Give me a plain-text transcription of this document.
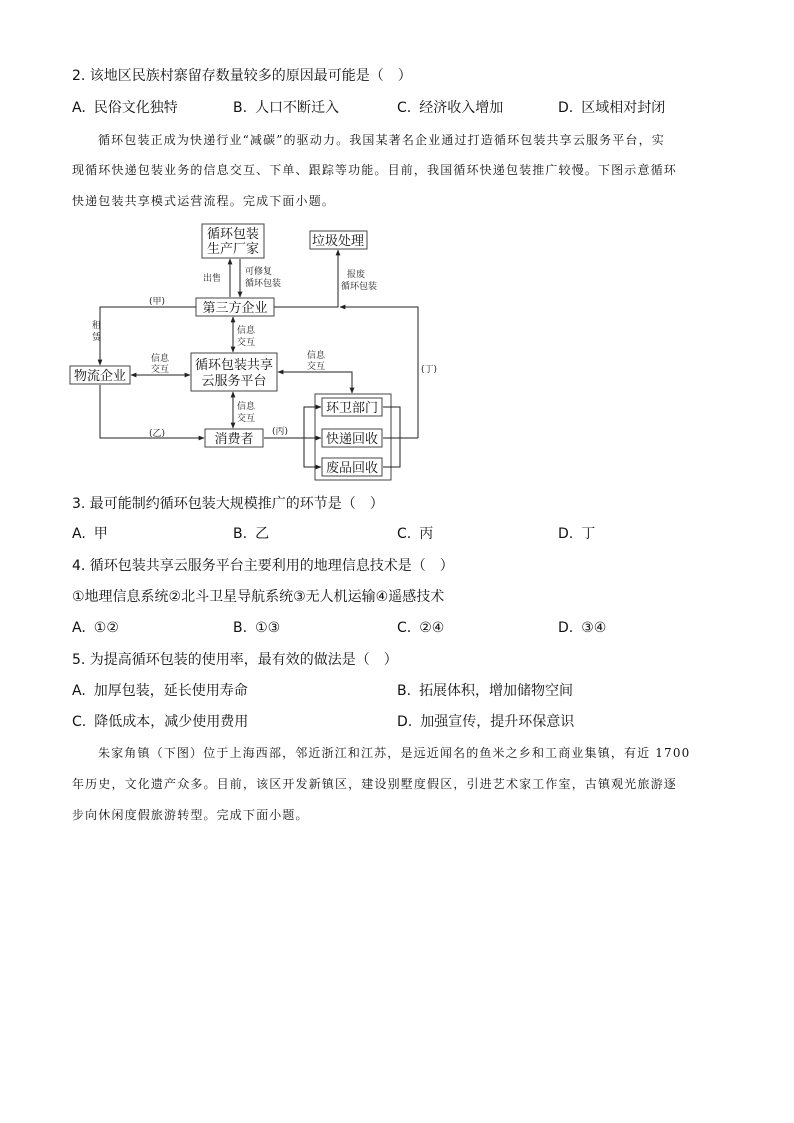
2. 该地区民族村寨留存数量较多的原因最可能是（　）
A. 民俗文化独特	B. 人口不断迁入	C. 经济收入增加	D. 区域相对封闭
循环包装正成为快递行业“减碳”的驱动力。我国某著名企业通过打造循环包装共享云服务平台，实
现循环快递包装业务的信息交互、下单、跟踪等功能。目前，我国循环快递包装推广较慢。下图示意循环
快递包装共享模式运营流程。完成下面小题。
循环包装
生产厂家
垃圾处理
第三方企业
循环包装共享
云服务平台
物流企业
消费者
环卫部门
快递回收
废品回收
出售
可修复
循环包装
报废
循环包装
(甲)
租
赁
信息
交互
信息
交互
信息
交互	(丁)
信息
交互
(乙)	(丙)
3. 最可能制约循环包装大规模推广的环节是（　）
A. 甲	B. 乙	C. 丙	D. 丁
4. 循环包装共享云服务平台主要利用的地理信息技术是（　）
①地理信息系统②北斗卫星导航系统③无人机运输④遥感技术
A. ①②	B. ①③	C. ②④	D. ③④
5. 为提高循环包装的使用率，最有效的做法是（　）
A. 加厚包装，延长使用寿命	B. 拓展体积，增加储物空间
C. 降低成本，减少使用费用	D. 加强宣传，提升环保意识
朱家角镇（下图）位于上海西部，邻近浙江和江苏，是远近闻名的鱼米之乡和工商业集镇，有近 1700
年历史，文化遗产众多。目前，该区开发新镇区，建设别墅度假区，引进艺术家工作室，古镇观光旅游逐
步向休闲度假旅游转型。完成下面小题。
